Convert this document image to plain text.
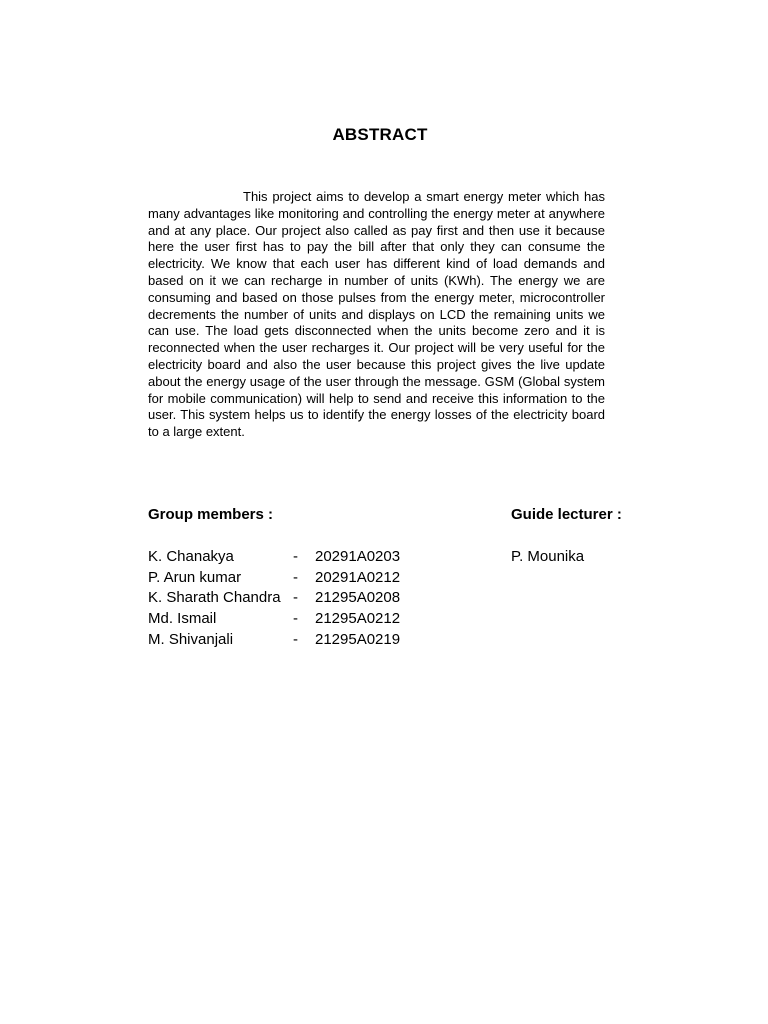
ABSTRACT

This project aims to develop a smart energy meter which has many advantages like monitoring and controlling the energy meter at anywhere and at any place. Our project also called as pay first and then use it because here the user first has to pay the bill after that only they can consume the electricity. We know that each user has different kind of load demands and based on it we can recharge in number of units (KWh). The energy we are consuming and based on those pulses from the energy meter, microcontroller decrements the number of units and displays on LCD the remaining units we can use. The load gets disconnected when the units become zero and it is reconnected when the user recharges it. Our project will be very useful for the electricity board and also the user because this project gives the live update about the energy usage of the user through the message. GSM (Global system for mobile communication) will help to send and receive this information to the user. This system helps us to identify the energy losses of the electricity board to a large extent.

Group members :	Guide lecturer :
K. Chanakya	-	20291A0203
P. Arun kumar	-	20291A0212
K. Sharath Chandra -	21295A0208
Md. Ismail	-	21295A0212
M. Shivanjali	-	21295A0219
P. Mounika
